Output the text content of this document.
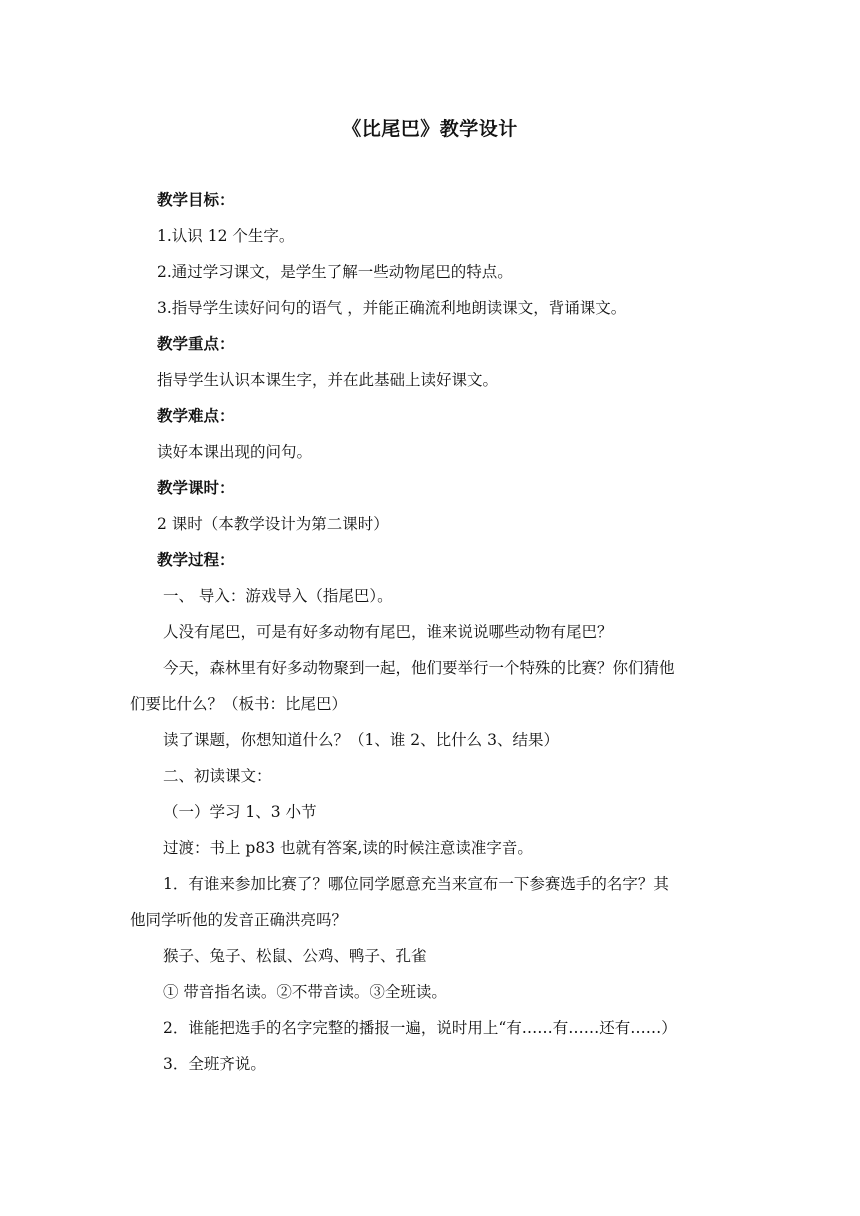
《比尾巴》教学设计

教学目标：

1.认识 12 个生字。

2.通过学习课文，是学生了解一些动物尾巴的特点。

3.指导学生读好问句的语气 ，并能正确流利地朗读课文，背诵课文。

教学重点：

指导学生认识本课生字，并在此基础上读好课文。

教学难点：

读好本课出现的问句。

教学课时：

2 课时（本教学设计为第二课时）

教学过程：

一、 导入：游戏导入（指尾巴）。

人没有尾巴，可是有好多动物有尾巴，谁来说说哪些动物有尾巴？

今天，森林里有好多动物聚到一起，他们要举行一个特殊的比赛？你们猜他

们要比什么？（板书：比尾巴）

读了课题，你想知道什么？（1、谁 2、比什么 3、结果）

二、初读课文：

（一）学习 1、3 小节

过渡：书上 p83 也就有答案,读的时候注意读准字音。

1．有谁来参加比赛了？哪位同学愿意充当来宣布一下参赛选手的名字？其

他同学听他的发音正确洪亮吗？

猴子、兔子、松鼠、公鸡、鸭子、孔雀

① 带音指名读。②不带音读。③全班读。

2．谁能把选手的名字完整的播报一遍，说时用上“有……有……还有……）

3．全班齐说。
